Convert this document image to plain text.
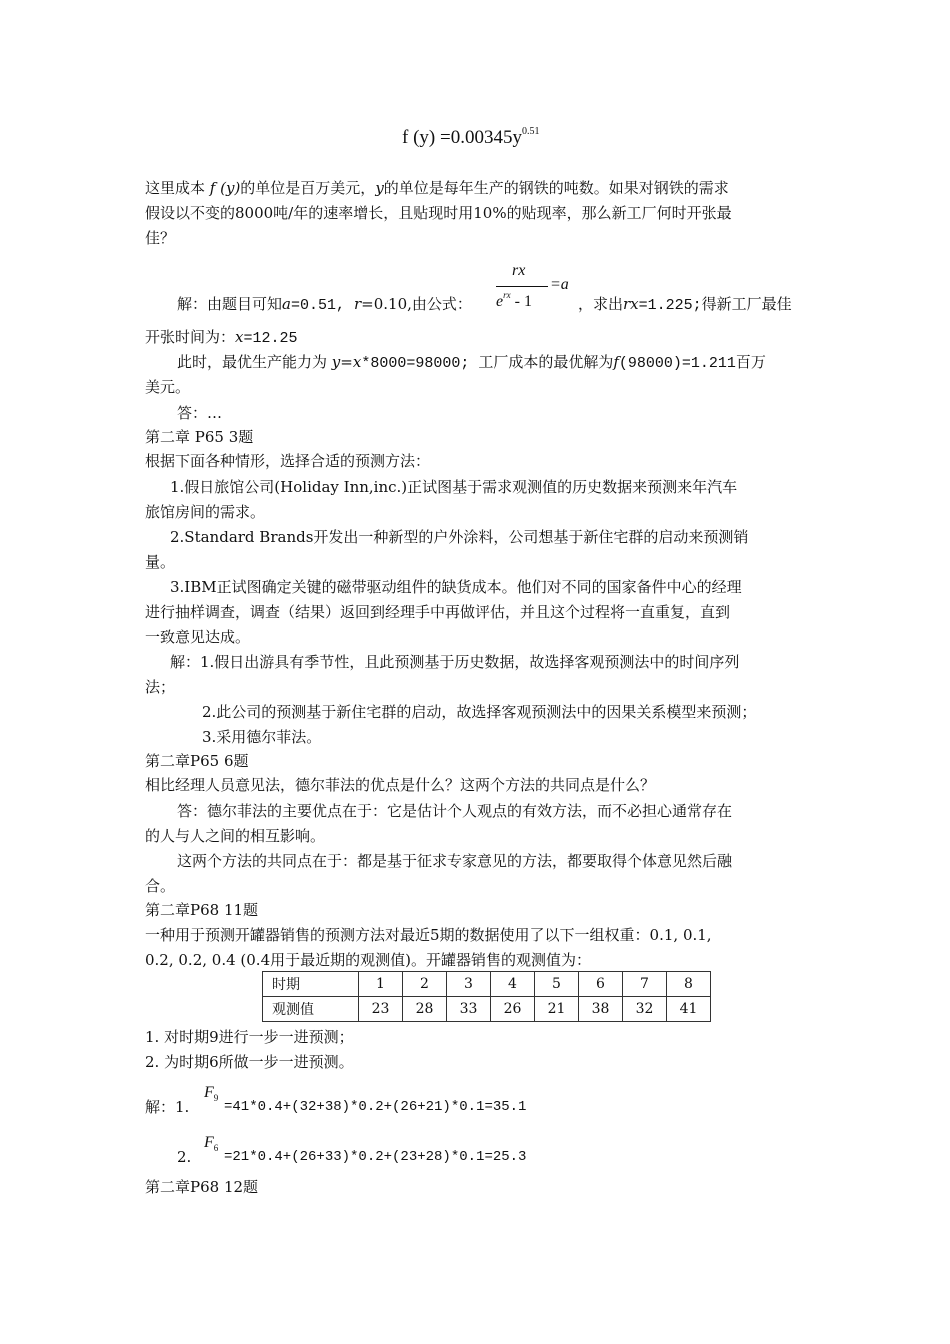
f $(y) =0.00345y^{0.51}$
这里成本 f (y)的单位是百万美元，y的单位是每年生产的钢铁的吨数。如果对钢铁的需求
假设以不变的8000吨/年的速率增长，且贴现时用10%的贴现率，那么新工厂何时开张最
佳？
rx
$e^{rx} - 1$
=a
解：由题目可知a=0.51, r=0.10,由公式：	，求出rx=1.225;得新工厂最佳
开张时间为：x=12.25
此时，最优生产能力为 y=x*8000=98000; 工厂成本的最优解为f(98000)=1.211百万
美元。
答：…
第二章 P65 3题
根据下面各种情形，选择合适的预测方法：
1.假日旅馆公司(Holiday Inn,inc.)正试图基于需求观测值的历史数据来预测来年汽车
旅馆房间的需求。
2.Standard Brands开发出一种新型的户外涂料，公司想基于新住宅群的启动来预测销
量。
3.IBM正试图确定关键的磁带驱动组件的缺货成本。他们对不同的国家备件中心的经理
进行抽样调查，调查（结果）返回到经理手中再做评估，并且这个过程将一直重复，直到
一致意见达成。
解：1.假日出游具有季节性，且此预测基于历史数据，故选择客观预测法中的时间序列
法；
2.此公司的预测基于新住宅群的启动，故选择客观预测法中的因果关系模型来预测；
3.采用德尔菲法。
第二章P65 6题
相比经理人员意见法，德尔菲法的优点是什么？这两个方法的共同点是什么？
答：德尔菲法的主要优点在于：它是估计个人观点的有效方法，而不必担心通常存在
的人与人之间的相互影响。
这两个方法的共同点在于：都是基于征求专家意见的方法，都要取得个体意见然后融
合。
第二章P68 11题
一种用于预测开罐器销售的预测方法对最近5期的数据使用了以下一组权重：0.1, 0.1,
0.2, 0.2, 0.4 (0.4用于最近期的观测值)。开罐器销售的观测值为：
时期	1	2	3	4	5	6	7	8
观测值	23	28	33	26	21	38	32	41
1. 对时期9进行一步一进预测；
2. 为时期6所做一步一进预测。
解：1.
$F_9$
=41*0.4+(32+38)*0.2+(26+21)*0.1=35.1
2.
$F_6$
=21*0.4+(26+33)*0.2+(23+28)*0.1=25.3
第二章P68 12题
